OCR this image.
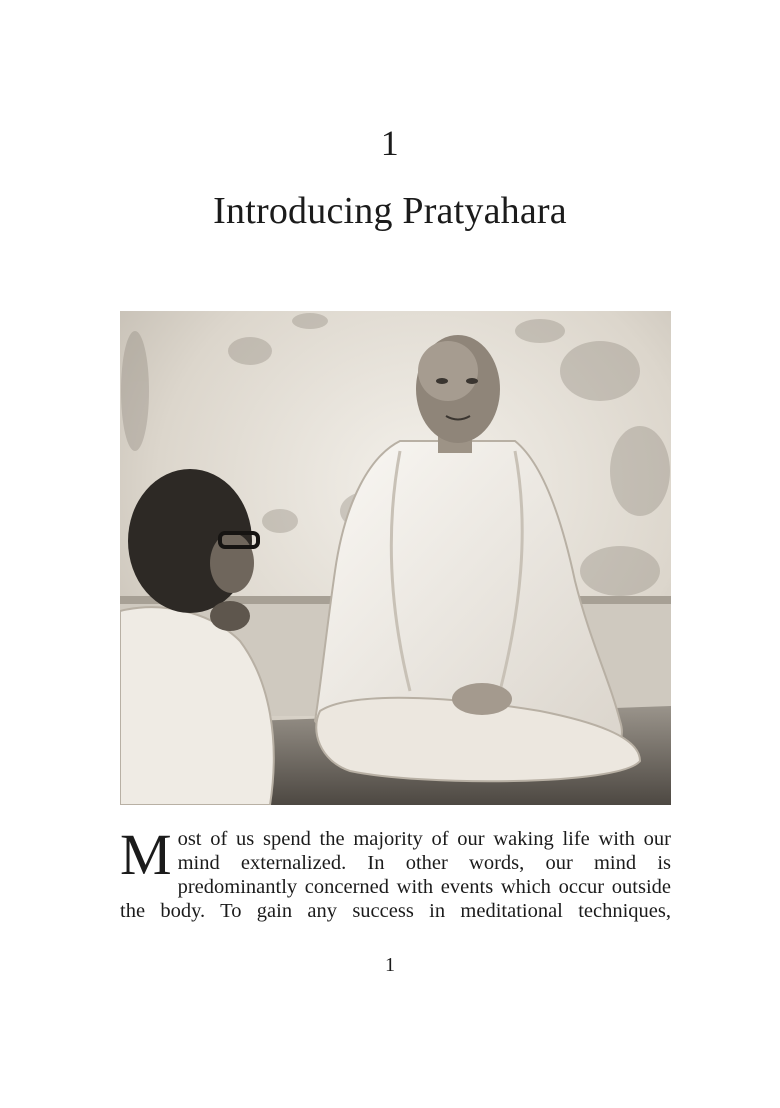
1
Introducing Pratyahara

Most of us spend the majority of our waking life with our mind externalized. In other words, our mind is predominantly concerned with events which occur outside the body. To gain any success in meditational techniques,

1
